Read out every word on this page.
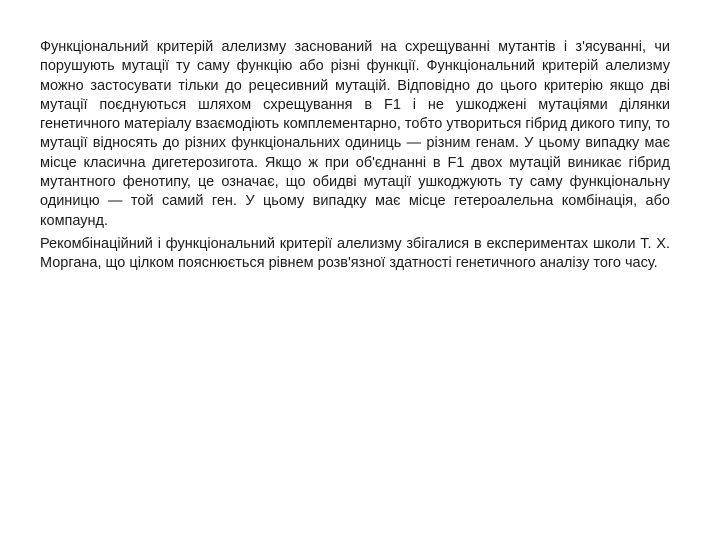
Функціональний критерій алелизму заснований на схрещуванні мутантів і з'ясуванні, чи порушують мутації ту саму функцію або різні функції. Функціональний критерій алелизму можно застосувати тільки до рецесивний мутацій. Відповідно до цього критерію якщо дві мутації поєднуються шляхом схрещування в F1 і не ушкоджені мутаціями ділянки генетичного матеріалу взаємодіють комплементарно, тобто утвориться гібрид дикого типу, то мутації відносять до різних функціональних одиниць — різним генам. У цьому випадку має місце класична дигетерозигота. Якщо ж при об'єднанні в F1 двох мутацій виникає гібрид мутантного фенотипу, це означає, що обидві мутації ушкоджують ту саму функціональну одиницю — той самий ген. У цьому випадку має місце гетероалельна комбінація, або компаунд.

Рекомбінаційний і функціональний критерії алелизму збігалися в експериментах школи Т. Х. Моргана, що цілком пояснюється рівнем розв'язної здатності генетичного аналізу того часу.
